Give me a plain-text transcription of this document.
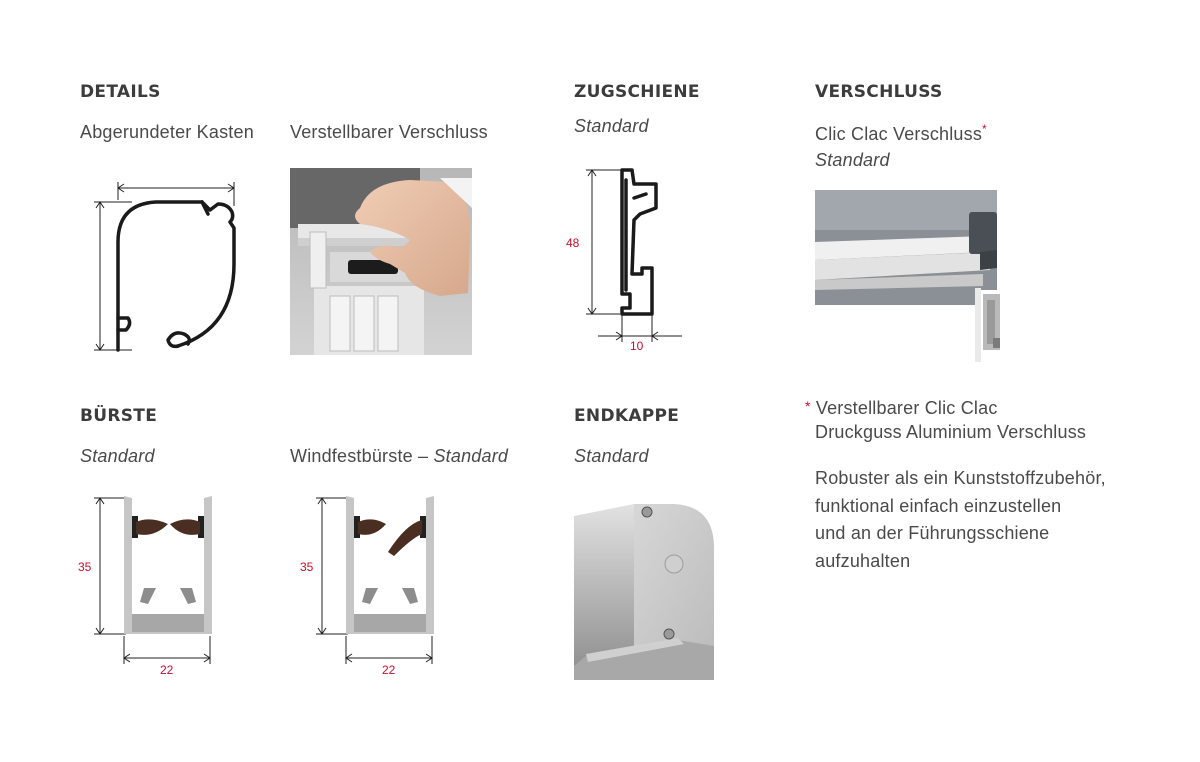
DETAILS
Abgerundeter Kasten Verstellbarer Verschluss
ZUGSCHIENE
Standard
VERSCHLUSS
Clic Clac Verschluss*
Standard
48
10
* Verstellbarer Clic Clac
Druckguss Aluminium Verschluss
Robuster als ein Kunststoffzubehör,
funktional einfach einzustellen
und an der Führungsschiene
aufzuhalten
BÜRSTE
Standard	Windfestbürste – Standard
ENDKAPPE
Standard
35
22
35
22
